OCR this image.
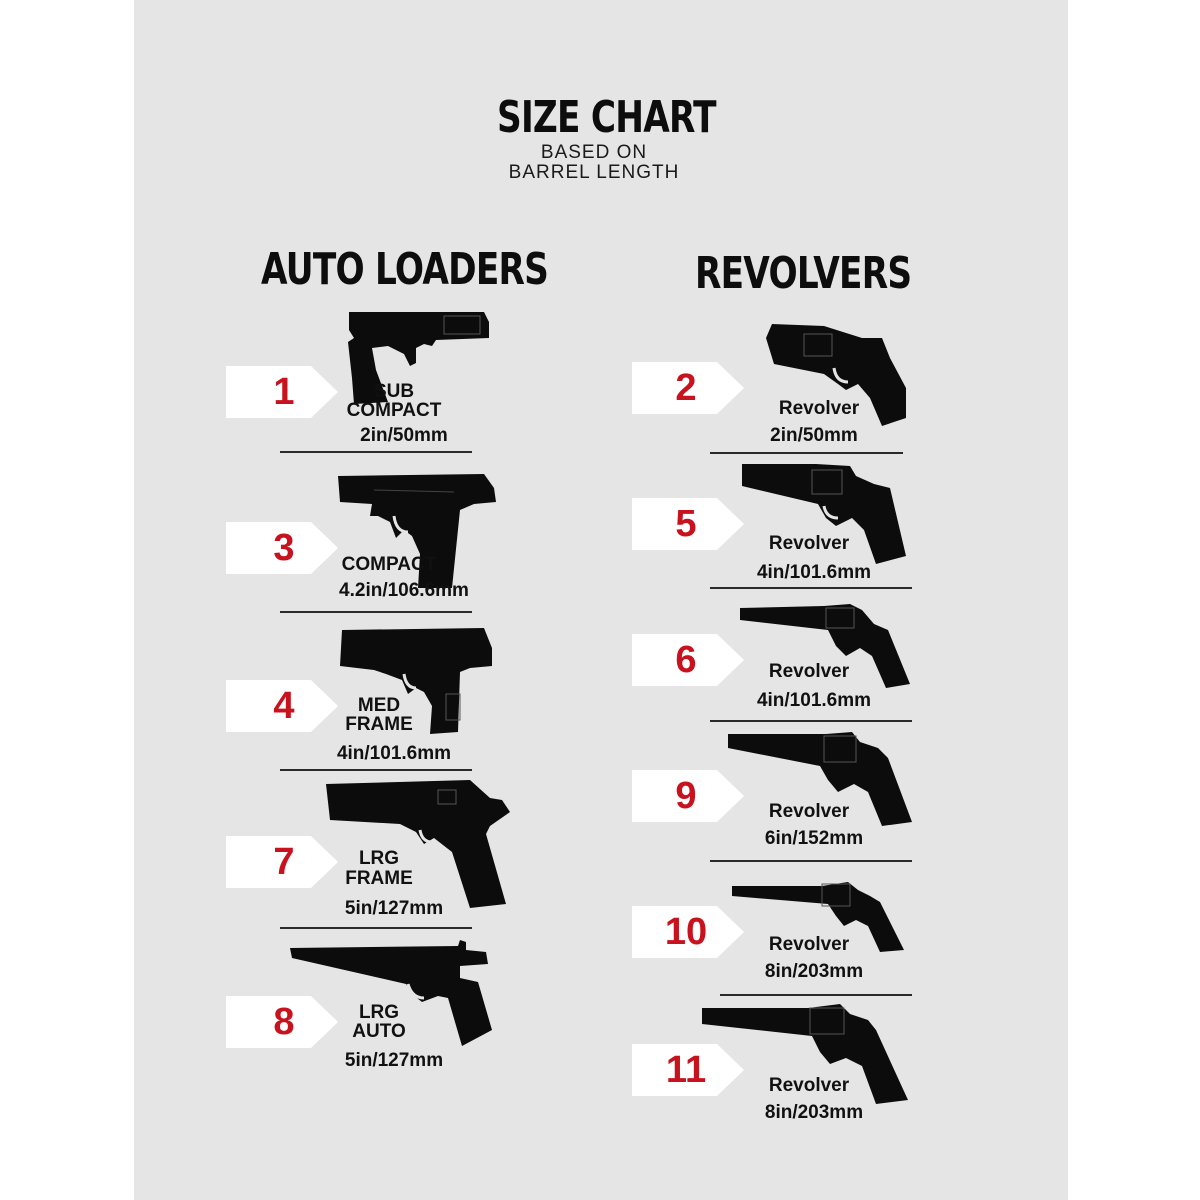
SIZE CHART
BASED ON
BARREL LENGTH
AUTO LOADERS	REVOLVERS
1	SUB
COMPACT
2in/50mm
3	COMPACT
4.2in/106.6mm
4	MED
FRAME
4in/101.6mm
7	LRG
FRAME
5in/127mm
8	LRG
AUTO
5in/127mm
2	Revolver
2in/50mm
5	Revolver
4in/101.6mm
6	Revolver
4in/101.6mm
9	Revolver
6in/152mm
10	Revolver
8in/203mm
11	Revolver
8in/203mm
